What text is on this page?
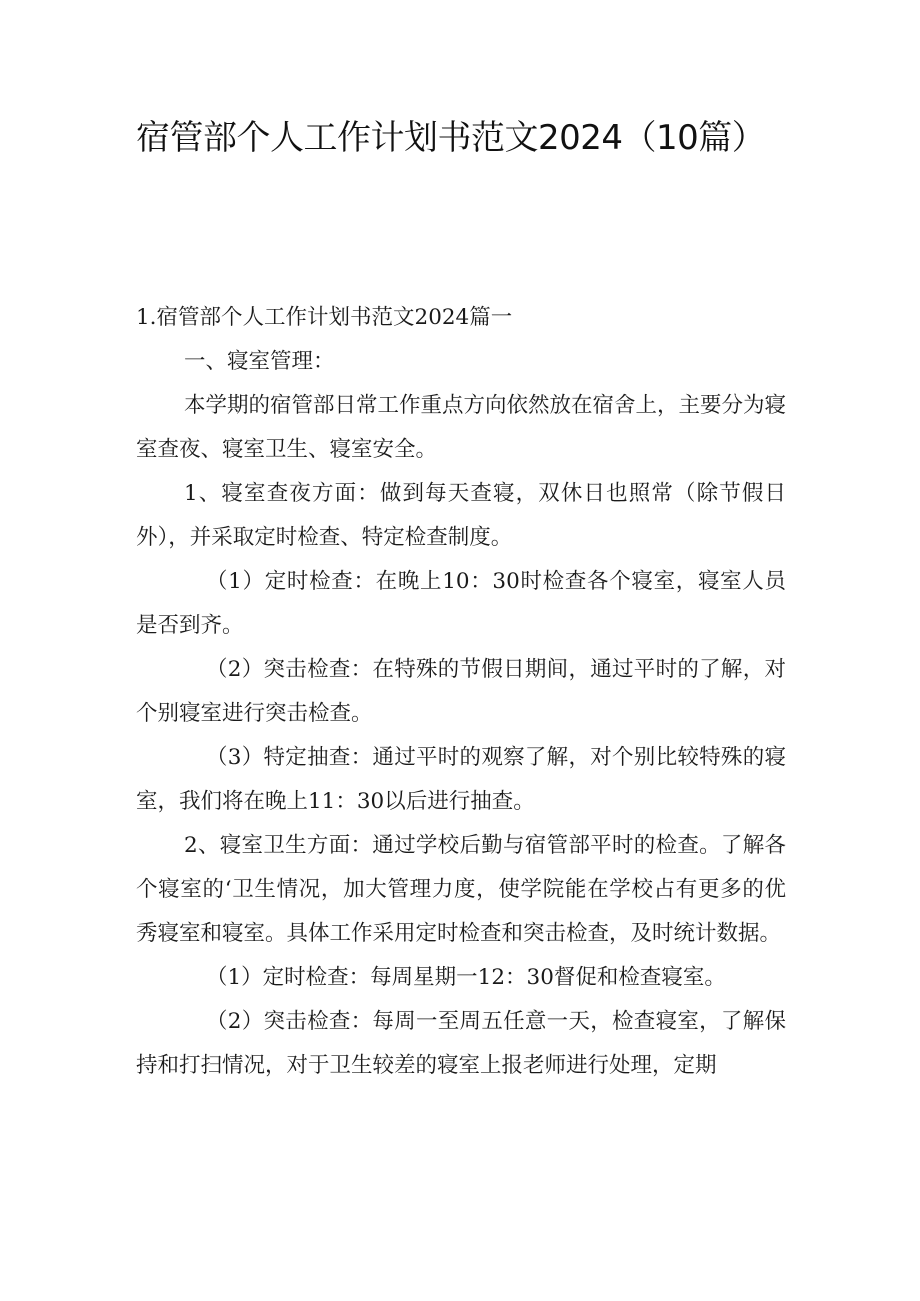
宿管部个人工作计划书范文2024（10篇）

1.宿管部个人工作计划书范文2024篇一

一、寝室管理：

本学期的宿管部日常工作重点方向依然放在宿舍上，主要分为寝室查夜、寝室卫生、寝室安全。

1、寝室查夜方面：做到每天查寝，双休日也照常（除节假日外），并采取定时检查、特定检查制度。

（1）定时检查：在晚上10：30时检查各个寝室，寝室人员是否到齐。

（2）突击检查：在特殊的节假日期间，通过平时的了解，对个别寝室进行突击检查。

（3）特定抽查：通过平时的观察了解，对个别比较特殊的寝室，我们将在晚上11：30以后进行抽查。

2、寝室卫生方面：通过学校后勤与宿管部平时的检查。了解各个寝室的‘卫生情况，加大管理力度，使学院能在学校占有更多的优秀寝室和寝室。具体工作采用定时检查和突击检查，及时统计数据。

（1）定时检查：每周星期一12：30督促和检查寝室。

（2）突击检查：每周一至周五任意一天，检查寝室，了解保持和打扫情况，对于卫生较差的寝室上报老师进行处理，定期
